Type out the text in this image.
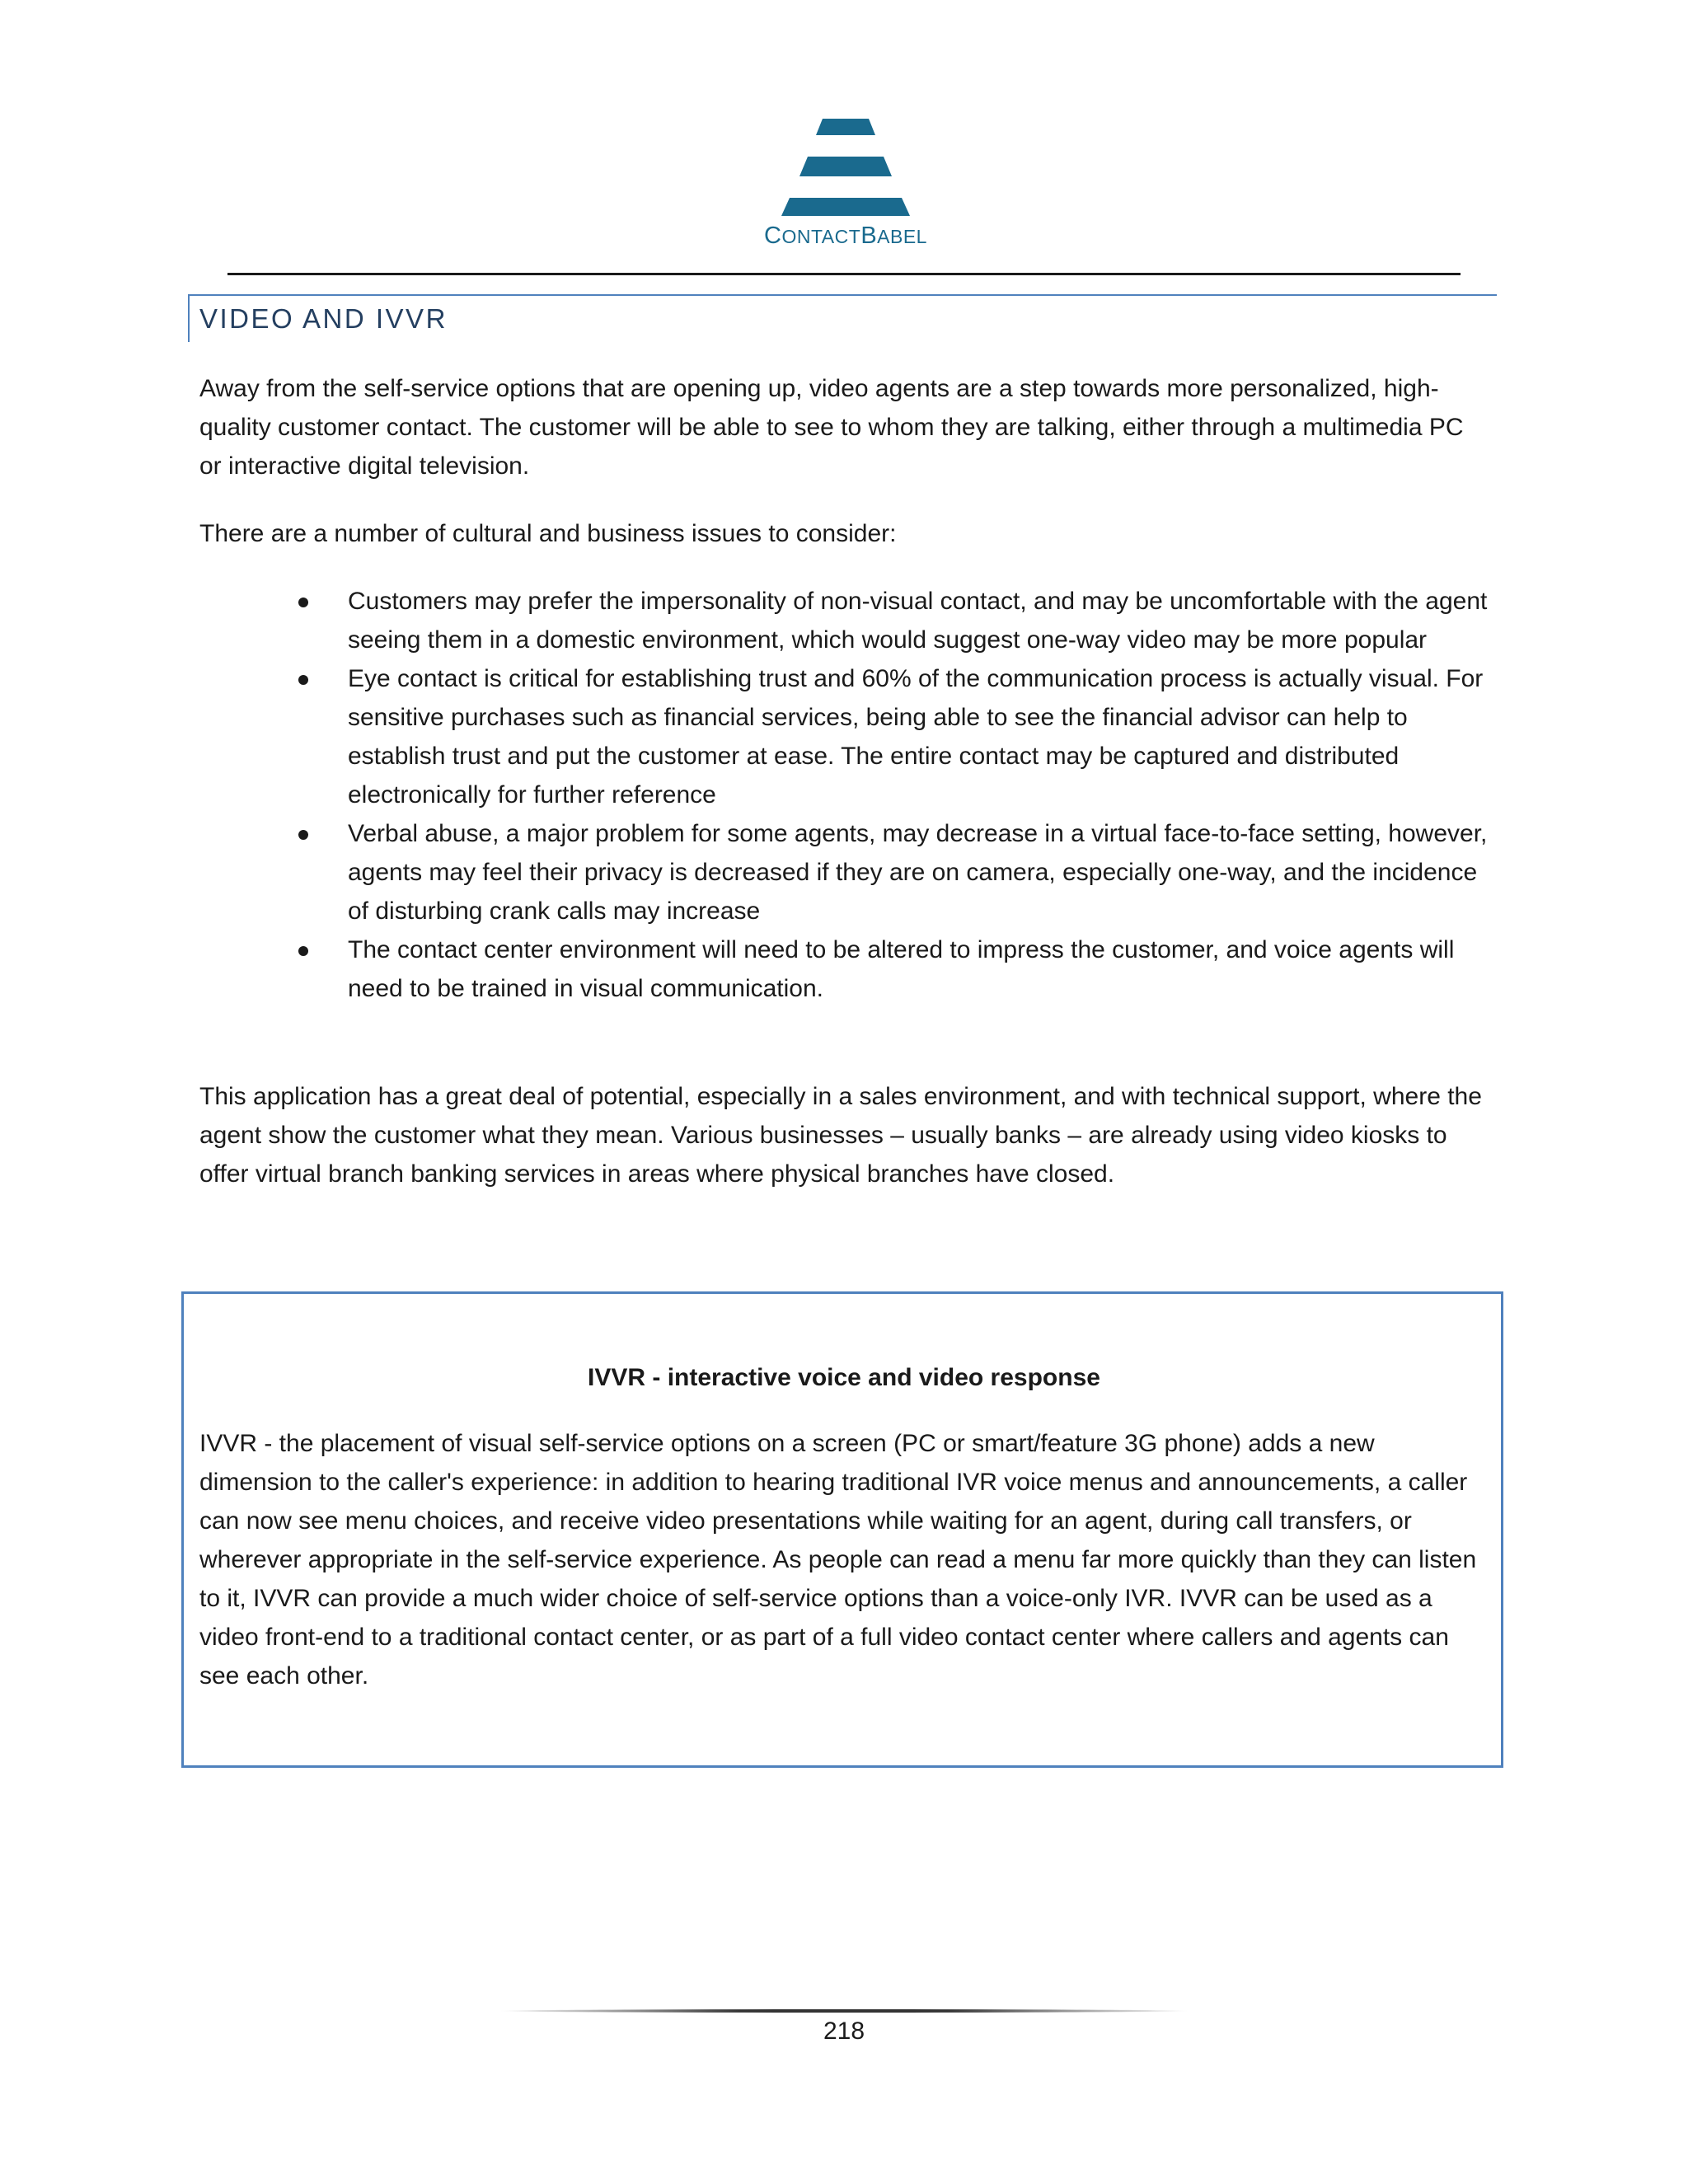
CONTACTBABEL
VIDEO AND IVVR

Away from the self-service options that are opening up, video agents are a step towards more personalized, high-quality customer contact. The customer will be able to see to whom they are talking, either through a multimedia PC or interactive digital television.

There are a number of cultural and business issues to consider:

Customers may prefer the impersonality of non-visual contact, and may be uncomfortable with the agent seeing them in a domestic environment, which would suggest one-way video may be more popular
Eye contact is critical for establishing trust and 60% of the communication process is actually visual. For sensitive purchases such as financial services, being able to see the financial advisor can help to establish trust and put the customer at ease. The entire contact may be captured and distributed electronically for further reference
Verbal abuse, a major problem for some agents, may decrease in a virtual face-to-face setting, however, agents may feel their privacy is decreased if they are on camera, especially one-way, and the incidence of disturbing crank calls may increase
The contact center environment will need to be altered to impress the customer, and voice agents will need to be trained in visual communication.

This application has a great deal of potential, especially in a sales environment, and with technical support, where the agent show the customer what they mean. Various businesses – usually banks – are already using video kiosks to offer virtual branch banking services in areas where physical branches have closed.

IVVR - interactive voice and video response

IVVR - the placement of visual self-service options on a screen (PC or smart/feature 3G phone) adds a new dimension to the caller's experience: in addition to hearing traditional IVR voice menus and announcements, a caller can now see menu choices, and receive video presentations while waiting for an agent, during call transfers, or wherever appropriate in the self-service experience. As people can read a menu far more quickly than they can listen to it, IVVR can provide a much wider choice of self-service options than a voice-only IVR. IVVR can be used as a video front-end to a traditional contact center, or as part of a full video contact center where callers and agents can see each other.

218
